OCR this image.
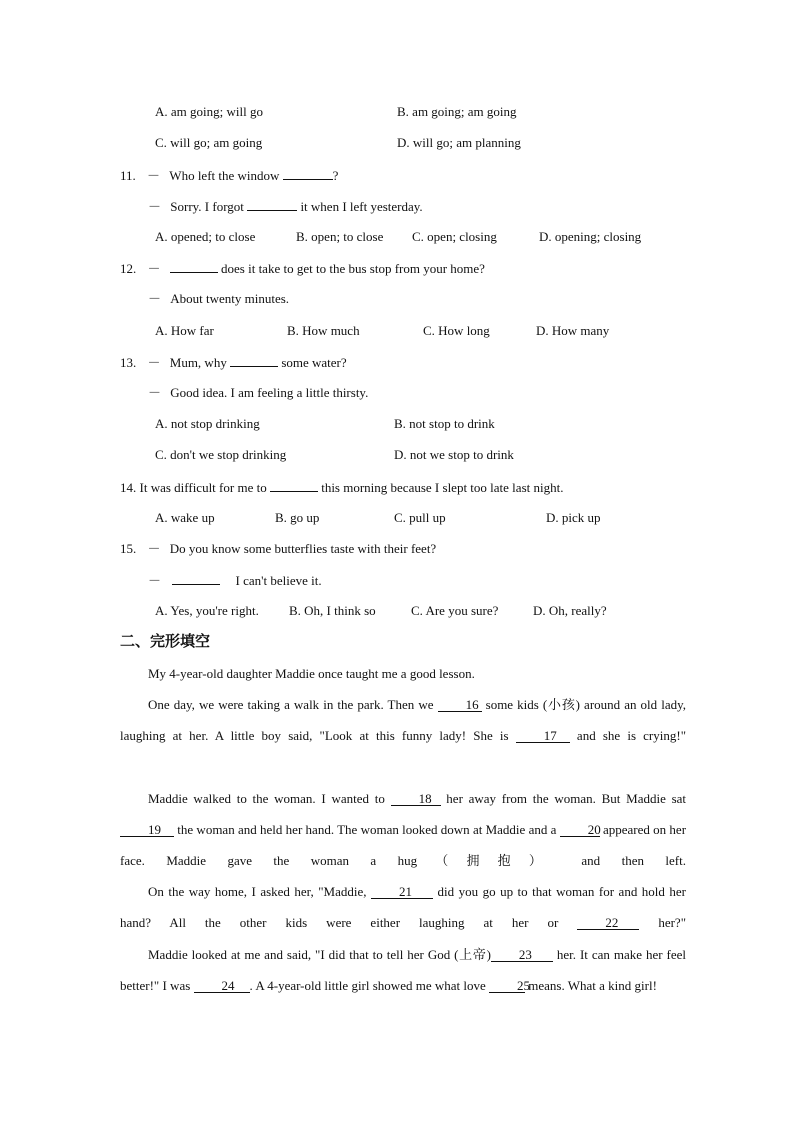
A. am going; will go	B. am going; am going
C. will go; am going	D. will go; am planning
11. － Who left the window	?
－ Sorry. I forgot	it when I left yesterday.
A. opened; to close	B. open; to close C. open; closing	D. opening; closing
12. －	does it take to get to the bus stop from your home?
－ About twenty minutes.
A. How far	B. How much	C. How long	D. How many
13. － Mum, why	some water?
－ Good idea. I am feeling a little thirsty.
A. not stop drinking	B. not stop to drink
C. don't we stop drinking	D. not we stop to drink
14. It was difficult for me to	this morning because I slept too late last night.
A. wake up	B. go up	C. pull up	D. pick up
15. － Do you know some butterflies taste with their feet?
－	I can't believe it.
A. Yes, you're right. B. Oh, I think so	C. Are you sure?	D. Oh, really?
二、完形填空
My 4-year-old daughter Maddie once taught me a good lesson.
One day, we were taking a walk in the park. Then we 16 some kids (小孩) around an old lady, laughing at her. A little boy said, "Look at this funny lady! She is	17 and she is crying!"
Maddie walked to the woman. I wanted to	18 her away from the woman. But Maddie sat 19 the woman and held her hand. The woman looked down at Maddie and a 20 appeared on her face. Maddie gave the woman a hug（拥抱） and then left.
On the way home, I asked her, "Maddie,	21 did you go up to that woman for and hold her hand? All the other kids were either laughing at her or	22	her?"
Maddie looked at me and said, "I did that to tell her God (上帝) 23 her. It can make her feel better!" I was 24 . A 4-year-old little girl showed me what love 25 means. What a kind girl!
